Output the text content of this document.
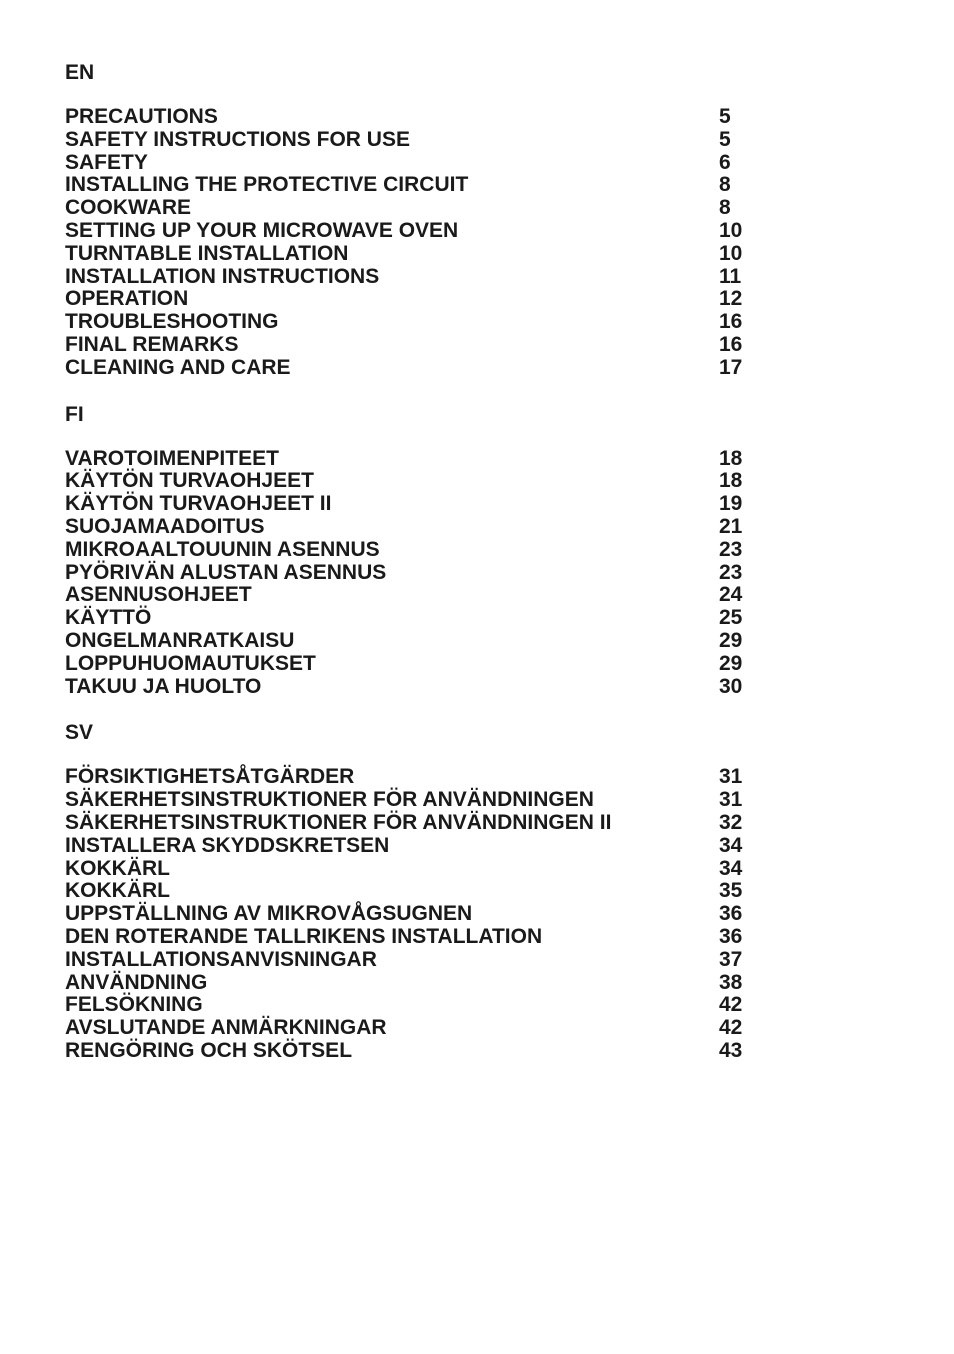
EN
PRECAUTIONS	5
SAFETY INSTRUCTIONS FOR USE	5
SAFETY	6
INSTALLING THE PROTECTIVE CIRCUIT	8
COOKWARE	8
SETTING UP YOUR MICROWAVE OVEN	10
TURNTABLE INSTALLATION	10
INSTALLATION INSTRUCTIONS	11
OPERATION	12
TROUBLESHOOTING	16
FINAL REMARKS	16
CLEANING AND CARE	17
FI
VAROTOIMENPITEET	18
KÄYTÖN TURVAOHJEET	18
KÄYTÖN TURVAOHJEET II	19
SUOJAMAADOITUS	21
MIKROAALTOUUNIN ASENNUS	23
PYÖRIVÄN ALUSTAN ASENNUS	23
ASENNUSOHJEET	24
KÄYTTÖ	25
ONGELMANRATKAISU	29
LOPPUHUOMAUTUKSET	29
TAKUU JA HUOLTO	30
SV
FÖRSIKTIGHETSÅTGÄRDER	31
SÄKERHETSINSTRUKTIONER FÖR ANVÄNDNINGEN	31
SÄKERHETSINSTRUKTIONER FÖR ANVÄNDNINGEN II	32
INSTALLERA SKYDDSKRETSEN	34
KOKKÄRL	34
KOKKÄRL	35
UPPSTÄLLNING AV MIKROVÅGSUGNEN	36
DEN ROTERANDE TALLRIKENS INSTALLATION	36
INSTALLATIONSANVISNINGAR	37
ANVÄNDNING	38
FELSÖKNING	42
AVSLUTANDE ANMÄRKNINGAR	42
RENGÖRING OCH SKÖTSEL	43
